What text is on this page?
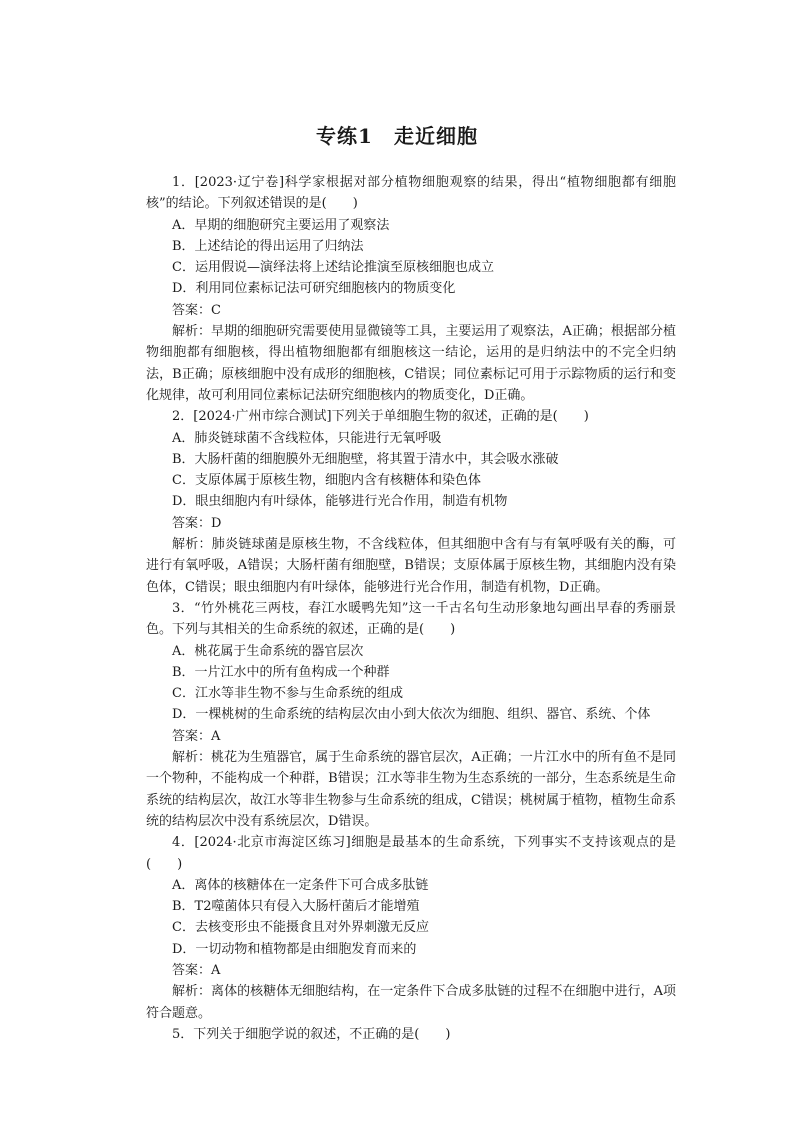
专练1　走近细胞

1．[2023·辽宁卷]科学家根据对部分植物细胞观察的结果，得出“植物细胞都有细胞核”的结论。下列叙述错误的是(　　)

A．早期的细胞研究主要运用了观察法

B．上述结论的得出运用了归纳法

C．运用假说—演绎法将上述结论推演至原核细胞也成立

D．利用同位素标记法可研究细胞核内的物质变化

答案：C

解析：早期的细胞研究需要使用显微镜等工具，主要运用了观察法，A正确；根据部分植物细胞都有细胞核，得出植物细胞都有细胞核这一结论，运用的是归纳法中的不完全归纳法，B正确；原核细胞中没有成形的细胞核，C错误；同位素标记可用于示踪物质的运行和变化规律，故可利用同位素标记法研究细胞核内的物质变化，D正确。

2．[2024·广州市综合测试]下列关于单细胞生物的叙述，正确的是(　　)

A．肺炎链球菌不含线粒体，只能进行无氧呼吸

B．大肠杆菌的细胞膜外无细胞壁，将其置于清水中，其会吸水涨破

C．支原体属于原核生物，细胞内含有核糖体和染色体

D．眼虫细胞内有叶绿体，能够进行光合作用，制造有机物

答案：D

解析：肺炎链球菌是原核生物，不含线粒体，但其细胞中含有与有氧呼吸有关的酶，可进行有氧呼吸，A错误；大肠杆菌有细胞壁，B错误；支原体属于原核生物，其细胞内没有染色体，C错误；眼虫细胞内有叶绿体，能够进行光合作用，制造有机物，D正确。

3．“竹外桃花三两枝，春江水暖鸭先知”这一千古名句生动形象地勾画出早春的秀丽景色。下列与其相关的生命系统的叙述，正确的是(　　)

A．桃花属于生命系统的器官层次

B．一片江水中的所有鱼构成一个种群

C．江水等非生物不参与生命系统的组成

D．一棵桃树的生命系统的结构层次由小到大依次为细胞、组织、器官、系统、个体

答案：A

解析：桃花为生殖器官，属于生命系统的器官层次，A正确；一片江水中的所有鱼不是同一个物种，不能构成一个种群，B错误；江水等非生物为生态系统的一部分，生态系统是生命系统的结构层次，故江水等非生物参与生命系统的组成，C错误；桃树属于植物，植物生命系统的结构层次中没有系统层次，D错误。

4．[2024·北京市海淀区练习]细胞是最基本的生命系统，下列事实不支持该观点的是(　　)

A．离体的核糖体在一定条件下可合成多肽链

B．T2噬菌体只有侵入大肠杆菌后才能增殖

C．去核变形虫不能摄食且对外界刺激无反应

D．一切动物和植物都是由细胞发育而来的

答案：A

解析：离体的核糖体无细胞结构，在一定条件下合成多肽链的过程不在细胞中进行，A项符合题意。

5．下列关于细胞学说的叙述，不正确的是(　　)
